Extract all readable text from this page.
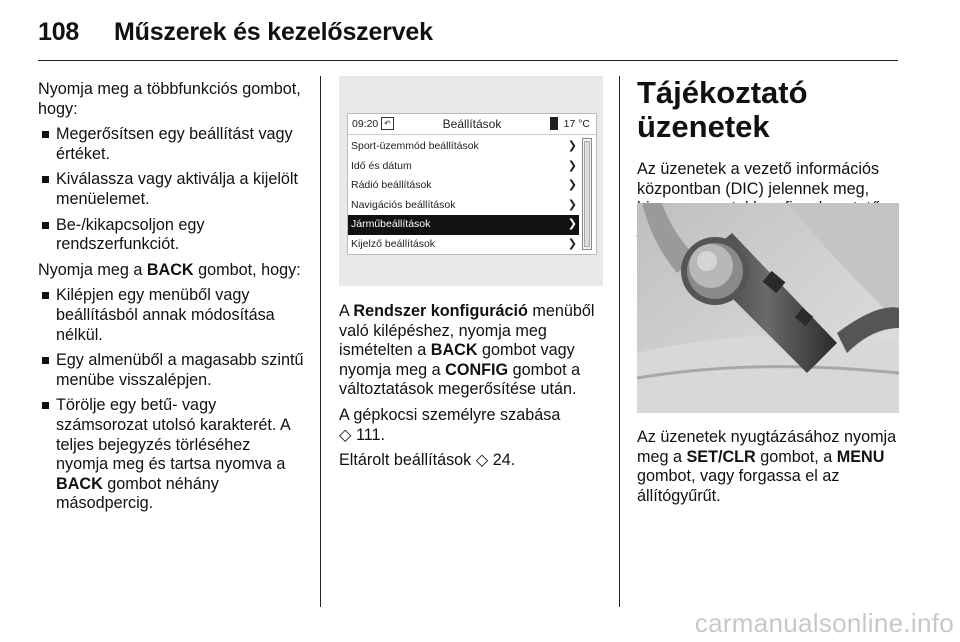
108 Műszerek és kezelőszervek

Nyomja meg a többfunkciós gombot, hogy:

Megerősítsen egy beállítást vagy értéket.
Kiválassza vagy aktiválja a kijelölt menüelemet.
Be-/kikapcsoljon egy rendszerfunkciót.

Nyomja meg a BACK gombot, hogy:

Kilépjen egy menüből vagy beállításból annak módosítása nélkül.
Egy almenüből a magasabb szintű menübe visszalépjen.
Törölje egy betű- vagy számsorozat utolsó karakterét. A teljes bejegyzés törléséhez nyomja meg és tartsa nyomva a BACK gombot néhány másodpercig.
09:20 ↶	Beállítások	17 °C
Sport-üzemmód beállítások	❯
Idő és dátum	❯
Rádió beállítások	❯
Navigációs beállítások	❯
Járműbeállítások	❯
Kijelző beállítások	❯

A Rendszer konfiguráció menüből való kilépéshez, nyomja meg ismételten a BACK gombot vagy nyomja meg a CONFIG gombot a változtatások megerősítése után.

A gépkocsi személyre szabása
◇ 111.

Eltárolt beállítások ◇ 24.

Tájékoztató üzenetek

Az üzenetek a vezető információs központban (DIC) jelennek meg,

Az üzenetek nyugtázásához nyomja meg a SET/CLR gombot, a MENU gombot, vagy forgassa el az állítógyűrűt.

carmanualsonline.info
